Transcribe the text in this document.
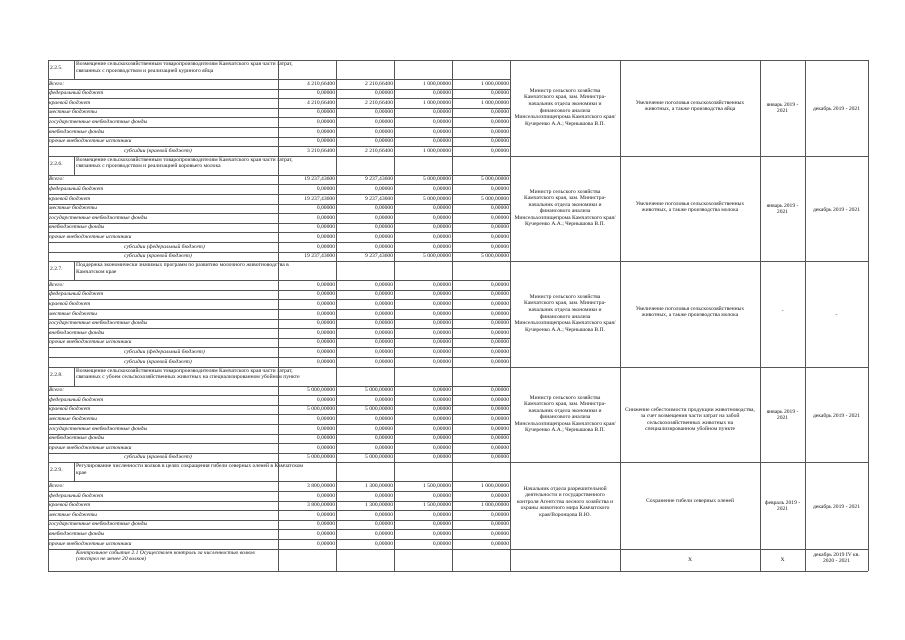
2.2.5.
Возмещение сельскохозяйственным товаропроизводителям Камчатского края части затрат, связанных с производством и реализацией куриного яйца
Всего:	4 210,66400	2 210,66400	1 000,00000	1 000,00000
федеральный бюджет	0,00000	0,00000	0,00000	0,00000
краевой бюджет	4 210,66400	2 210,66400	1 000,00000	1 000,00000
местные бюджеты	0,00000	0,00000	0,00000	0,00000
государственные внебюджетные фонды	0,00000	0,00000	0,00000	0,00000
внебюджетные фонды	0,00000	0,00000	0,00000	0,00000
прочие внебюджетные источники	0,00000	0,00000	0,00000	0,00000
субсидии (краевой бюджет)	3 210,66400	2 210,66400	1 000,00000	0,00000
Министр сельского хозяйства Камчатского края, зам. Министра-начальник отдела экономики и финансового анализа Минсельхозпищепрома Камчатского края/Кучеренко А.А.; Чернышова В.П.
Увеличение поголовья сельскохозяйственных животных, а также производства яйца
январь 2019 - 2021	декабрь 2019 - 2021
2.2.6.
Возмещение сельскохозяйственным товаропроизводителям Камчатского края части затрат, связанных с производством и реализацией коровьего молока
Всего:	19 237,43600	9 237,43600	5 000,00000	5 000,00000
федеральный бюджет	0,00000	0,00000	0,00000	0,00000
краевой бюджет	19 237,43600	9 237,43600	5 000,00000	5 000,00000
местные бюджеты	0,00000	0,00000	0,00000	0,00000
государственные внебюджетные фонды	0,00000	0,00000	0,00000	0,00000
внебюджетные фонды	0,00000	0,00000	0,00000	0,00000
прочие внебюджетные источники	0,00000	0,00000	0,00000	0,00000
субсидии (федеральный бюджет)	0,00000	0,00000	0,00000	0,00000
субсидии (краевой бюджет)	19 237,43600	9 237,43600	5 000,00000	5 000,00000
Министр сельского хозяйства Камчатского края, зам. Министра-начальник отдела экономики и финансового анализа Минсельхозпищепрома Камчатского края/Кучеренко А.А.; Чернышова В.П.
Увеличение поголовья сельскохозяйственных животных, а также производства молока
январь 2019 - 2021	декабрь 2019 - 2021
2.2.7.
Поддержка экономически значимых программ по развитию молочного животноводства в Камчатском крае
Всего:	0,00000	0,00000	0,00000	0,00000
федеральный бюджет	0,00000	0,00000	0,00000	0,00000
краевой бюджет	0,00000	0,00000	0,00000	0,00000
местные бюджеты	0,00000	0,00000	0,00000	0,00000
государственные внебюджетные фонды	0,00000	0,00000	0,00000	0,00000
внебюджетные фонды	0,00000	0,00000	0,00000	0,00000
прочие внебюджетные источники	0,00000	0,00000	0,00000	0,00000
субсидии (федеральный бюджет)	0,00000	0,00000	0,00000	0,00000
субсидии (краевой бюджет)	0,00000	0,00000	0,00000	0,00000
Министр сельского хозяйства Камчатского края, зам. Министра-начальник отдела экономики и финансового анализа Минсельхозпищепрома Камчатского края/Кучеренко А.А.; Чернышова В.П.
Увеличение поголовья сельскохозяйственных животных, а также производства молока
-
-
2.2.8.
Возмещение сельскохозяйственным товаропроизводителям Камчатского края части затрат, связанных с убоем сельскохозяйственных животных на специализированном убойном пункте
Всего:	5 000,00000	5 000,00000	0,00000	0,00000
федеральный бюджет	0,00000	0,00000	0,00000	0,00000
краевой бюджет	5 000,00000	5 000,00000	0,00000	0,00000
местные бюджеты	0,00000	0,00000	0,00000	0,00000
государственные внебюджетные фонды	0,00000	0,00000	0,00000	0,00000
внебюджетные фонды	0,00000	0,00000	0,00000	0,00000
прочие внебюджетные источники	0,00000	0,00000	0,00000	0,00000
субсидии (краевой бюджет)	5 000,00000	5 000,00000	0,00000	0,00000
Министр сельского хозяйства Камчатского края, зам. Министра-начальник отдела экономики и финансового анализа Минсельхозпищепрома Камчатского края/Кучеренко А.А.; Чернышова В.П.
Снижение себестоимости продукции животноводства, за счет возмещения части затрат на забой сельскохозяйственных животных на специализированном убойном пункте
январь 2019 - 2021	декабрь 2019 - 2021
2.2.9.
Регулирование численности волков в целях сокращения гибели северных оленей в Камчатском крае
Всего:	3 800,00000	1 300,00000	1 500,00000	1 000,00000
федеральный бюджет	0,00000	0,00000	0,00000	0,00000
краевой бюджет	3 800,00000	1 300,00000	1 500,00000	1 000,00000
местные бюджеты	0,00000	0,00000	0,00000	0,00000
государственные внебюджетные фонды	0,00000	0,00000	0,00000	0,00000
внебюджетные фонды	0,00000	0,00000	0,00000	0,00000
прочие внебюджетные источники	0,00000	0,00000	0,00000	0,00000
Начальник отдела разрешительной деятельности и государственного контроля Агентства лесного хозяйства и охраны животного мира Камчатского края/Воронцова В.Ю.
Сохранение гибели северных оленей	февраль 2019 - 2021	декабрь 2019 - 2021
Контрольное событие 2.1 Осуществлен контроль за численностью волков (отстрел не менее 20 волков)	X	X
декабрь 2019 IV кв. 2020 - 2021
